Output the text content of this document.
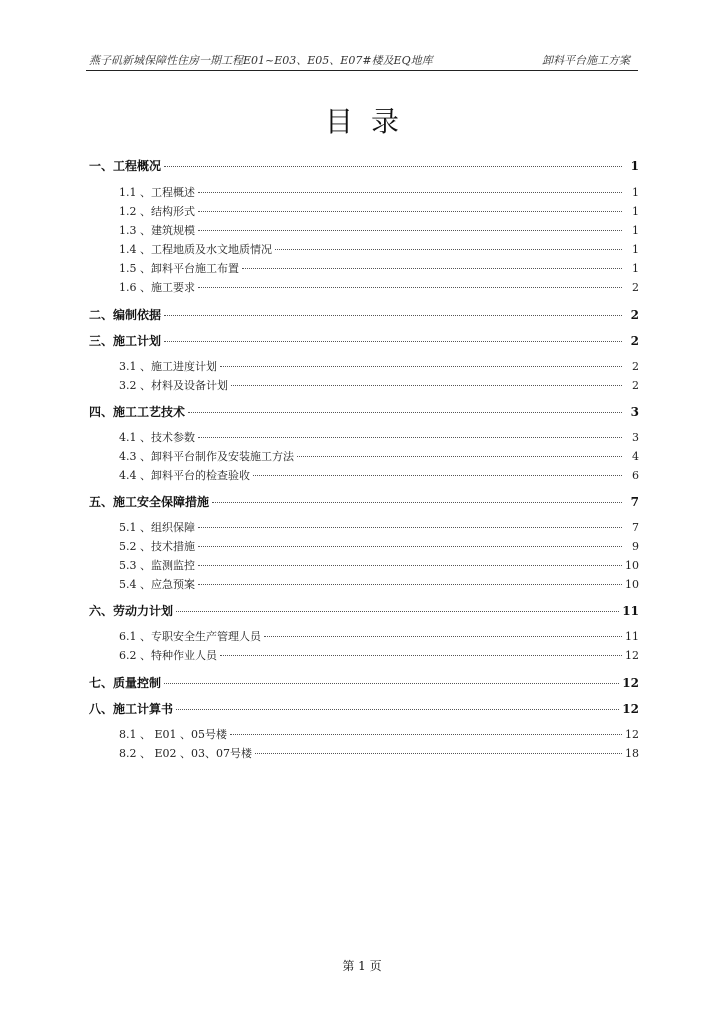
燕子矶新城保障性住房一期工程E01~E03、E05、E07#楼及EQ地库	卸料平台施工方案
目录
一、工程概况	1
1.1 、工程概述	1
1.2 、结构形式	1
1.3 、建筑规模	1
1.4 、工程地质及水文地质情况	1
1.5 、卸料平台施工布置	1
1.6 、施工要求	2
二、编制依据	2
三、施工计划	2
3.1 、施工进度计划	2
3.2 、材料及设备计划	2
四、施工工艺技术	3
4.1 、技术参数	3
4.3 、卸料平台制作及安装施工方法	4
4.4 、卸料平台的检查验收	6
五、施工安全保障措施	7
5.1 、组织保障	7
5.2 、技术措施	9
5.3 、监测监控	10
5.4 、应急预案	10
六、劳动力计划	11
6.1 、专职安全生产管理人员	11
6.2 、特种作业人员	12
七、质量控制	12
八、施工计算书	12
8.1 、 E01 、05号楼	12
8.2 、 E02 、03、07号楼	18
第 1 页
